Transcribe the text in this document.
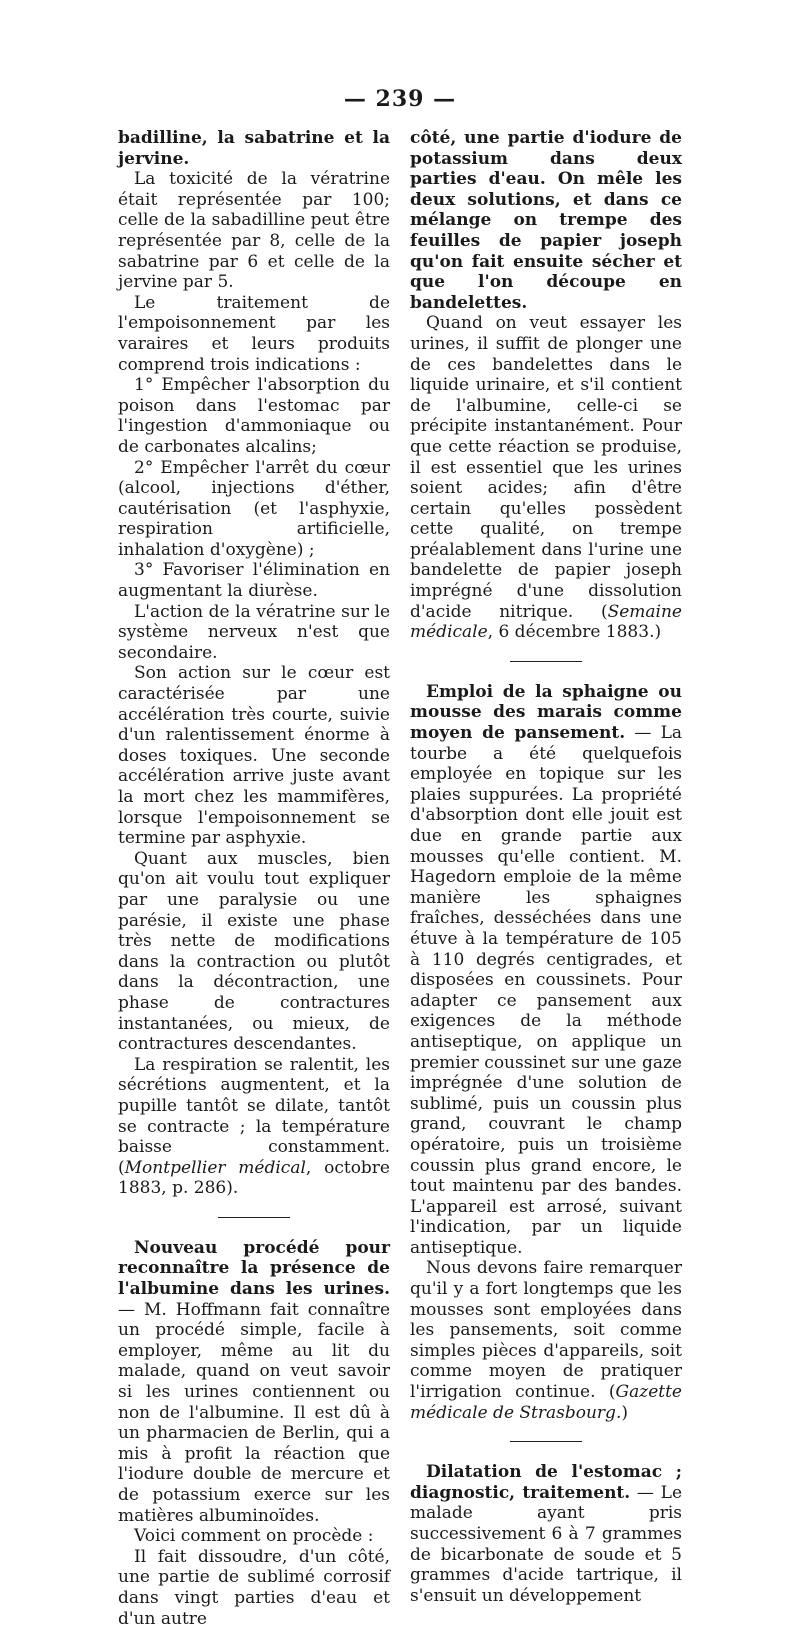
— 239 —

badilline, la sabatrine et la jervine.

La toxicité de la vératrine était représentée par 100; celle de la sabadilline peut être représentée par 8, celle de la sabatrine par 6 et celle de la jervine par 5.

Le traitement de l'empoisonnement par les varaires et leurs produits comprend trois indications :

1° Empêcher l'absorption du poison dans l'estomac par l'ingestion d'ammoniaque ou de carbonates alcalins;

2° Empêcher l'arrêt du cœur (alcool, injections d'éther, cautérisation (et l'asphyxie, respiration artificielle, inhalation d'oxygène) ;

3° Favoriser l'élimination en augmentant la diurèse.

L'action de la vératrine sur le système nerveux n'est que secondaire.

Son action sur le cœur est caractérisée par une accélération très courte, suivie d'un ralentissement énorme à doses toxiques. Une seconde accélération arrive juste avant la mort chez les mammifères, lorsque l'empoisonnement se termine par asphyxie.

Quant aux muscles, bien qu'on ait voulu tout expliquer par une paralysie ou une parésie, il existe une phase très nette de modifications dans la contraction ou plutôt dans la décontraction, une phase de contractures instantanées, ou mieux, de contractures descendantes.

La respiration se ralentit, les sécrétions augmentent, et la pupille tantôt se dilate, tantôt se contracte ; la température baisse constamment. (Montpellier médical, octobre 1883, p. 286).

Nouveau procédé pour reconnaître la présence de l'albumine dans les urines. — M. Hoffmann fait connaître un procédé simple, facile à employer, même au lit du malade, quand on veut savoir si les urines contiennent ou non de l'albumine. Il est dû à un pharmacien de Berlin, qui a mis à profit la réaction que l'iodure double de mercure et de potassium exerce sur les matières albuminoïdes.

Voici comment on procède :

Il fait dissoudre, d'un côté, une partie de sublimé corrosif dans vingt parties d'eau et d'un autre

côté, une partie d'iodure de potassium dans deux parties d'eau. On mêle les deux solutions, et dans ce mélange on trempe des feuilles de papier joseph qu'on fait ensuite sécher et que l'on découpe en bandelettes.

Quand on veut essayer les urines, il suffit de plonger une de ces bandelettes dans le liquide urinaire, et s'il contient de l'albumine, celle-ci se précipite instantanément. Pour que cette réaction se produise, il est essentiel que les urines soient acides; afin d'être certain qu'elles possèdent cette qualité, on trempe préalablement dans l'urine une bandelette de papier joseph imprégné d'une dissolution d'acide nitrique. (Semaine médicale, 6 décembre 1883.)

Emploi de la sphaigne ou mousse des marais comme moyen de pansement. — La tourbe a été quelquefois employée en topique sur les plaies suppurées. La propriété d'absorption dont elle jouit est due en grande partie aux mousses qu'elle contient. M. Hagedorn emploie de la même manière les sphaignes fraîches, desséchées dans une étuve à la température de 105 à 110 degrés centigrades, et disposées en coussinets. Pour adapter ce pansement aux exigences de la méthode antiseptique, on applique un premier coussinet sur une gaze imprégnée d'une solution de sublimé, puis un coussin plus grand, couvrant le champ opératoire, puis un troisième coussin plus grand encore, le tout maintenu par des bandes. L'appareil est arrosé, suivant l'indication, par un liquide antiseptique.

Nous devons faire remarquer qu'il y a fort longtemps que les mousses sont employées dans les pansements, soit comme simples pièces d'appareils, soit comme moyen de pratiquer l'irrigation continue. (Gazette médicale de Strasbourg.)

Dilatation de l'estomac ; diagnostic, traitement. — Le malade ayant pris successivement 6 à 7 grammes de bicarbonate de soude et 5 grammes d'acide tartrique, il s'ensuit un développement
